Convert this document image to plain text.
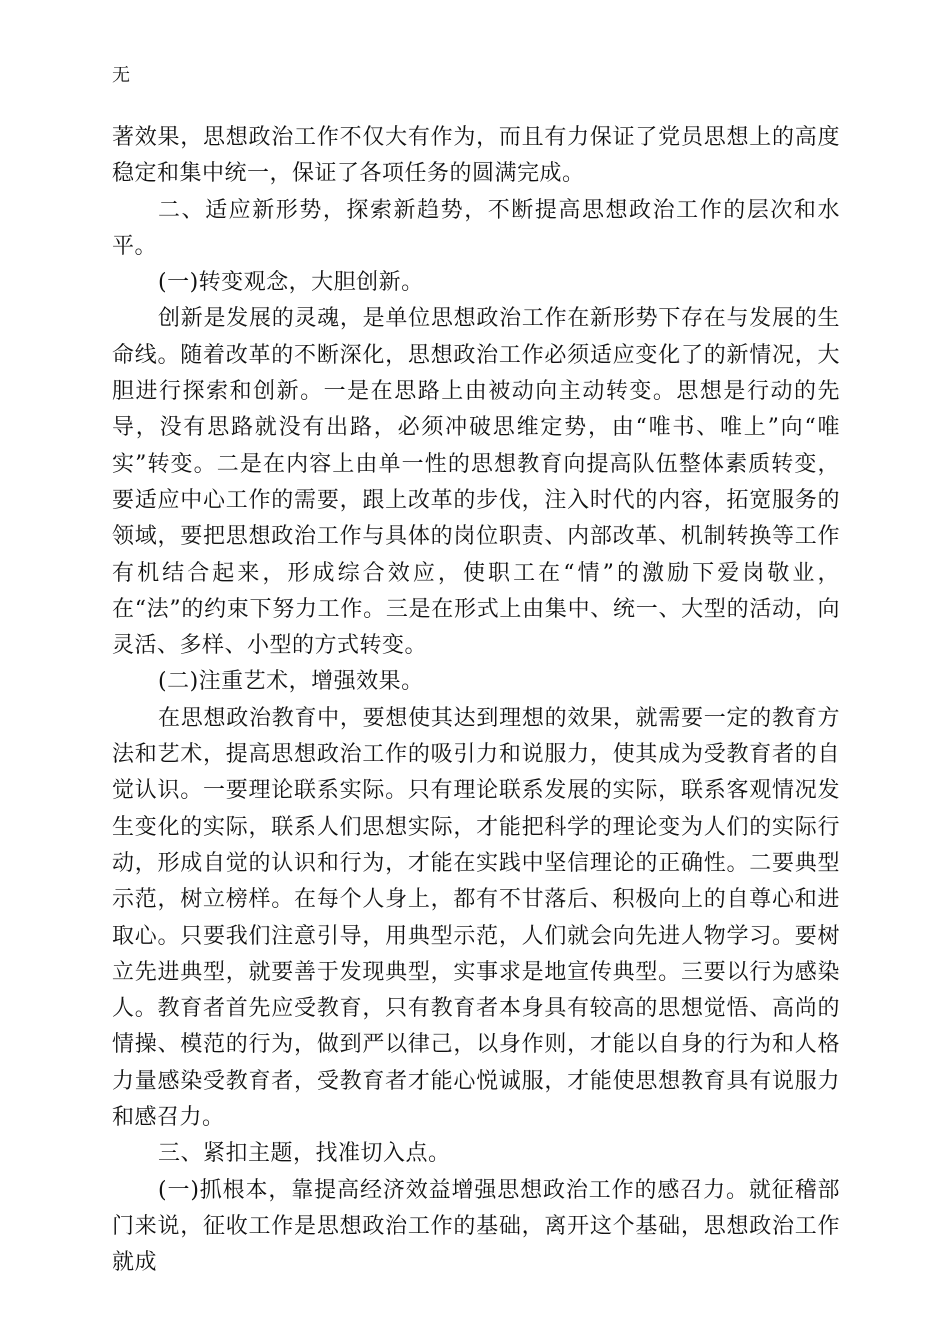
无

著效果，思想政治工作不仅大有作为，而且有力保证了党员思想上的高度稳定和集中统一，保证了各项任务的圆满完成。

二、适应新形势，探索新趋势，不断提高思想政治工作的层次和水平。

(一)转变观念，大胆创新。

创新是发展的灵魂，是单位思想政治工作在新形势下存在与发展的生命线。随着改革的不断深化，思想政治工作必须适应变化了的新情况，大胆进行探索和创新。一是在思路上由被动向主动转变。思想是行动的先导，没有思路就没有出路，必须冲破思维定势，由“唯书、唯上”向“唯实”转变。二是在内容上由单一性的思想教育向提高队伍整体素质转变，要适应中心工作的需要，跟上改革的步伐，注入时代的内容，拓宽服务的领域，要把思想政治工作与具体的岗位职责、内部改革、机制转换等工作有机结合起来，形成综合效应，使职工在“情”的激励下爱岗敬业，在“法”的约束下努力工作。三是在形式上由集中、统一、大型的活动，向灵活、多样、小型的方式转变。

(二)注重艺术，增强效果。

在思想政治教育中，要想使其达到理想的效果，就需要一定的教育方法和艺术，提高思想政治工作的吸引力和说服力，使其成为受教育者的自觉认识。一要理论联系实际。只有理论联系发展的实际，联系客观情况发生变化的实际，联系人们思想实际，才能把科学的理论变为人们的实际行动，形成自觉的认识和行为，才能在实践中坚信理论的正确性。二要典型示范，树立榜样。在每个人身上，都有不甘落后、积极向上的自尊心和进取心。只要我们注意引导，用典型示范，人们就会向先进人物学习。要树立先进典型，就要善于发现典型，实事求是地宣传典型。三要以行为感染人。教育者首先应受教育，只有教育者本身具有较高的思想觉悟、高尚的情操、模范的行为，做到严以律己，以身作则，才能以自身的行为和人格力量感染受教育者，受教育者才能心悦诚服，才能使思想教育具有说服力和感召力。

三、紧扣主题，找准切入点。

(一)抓根本，靠提高经济效益增强思想政治工作的感召力。就征稽部门来说，征收工作是思想政治工作的基础，离开这个基础，思想政治工作就成
